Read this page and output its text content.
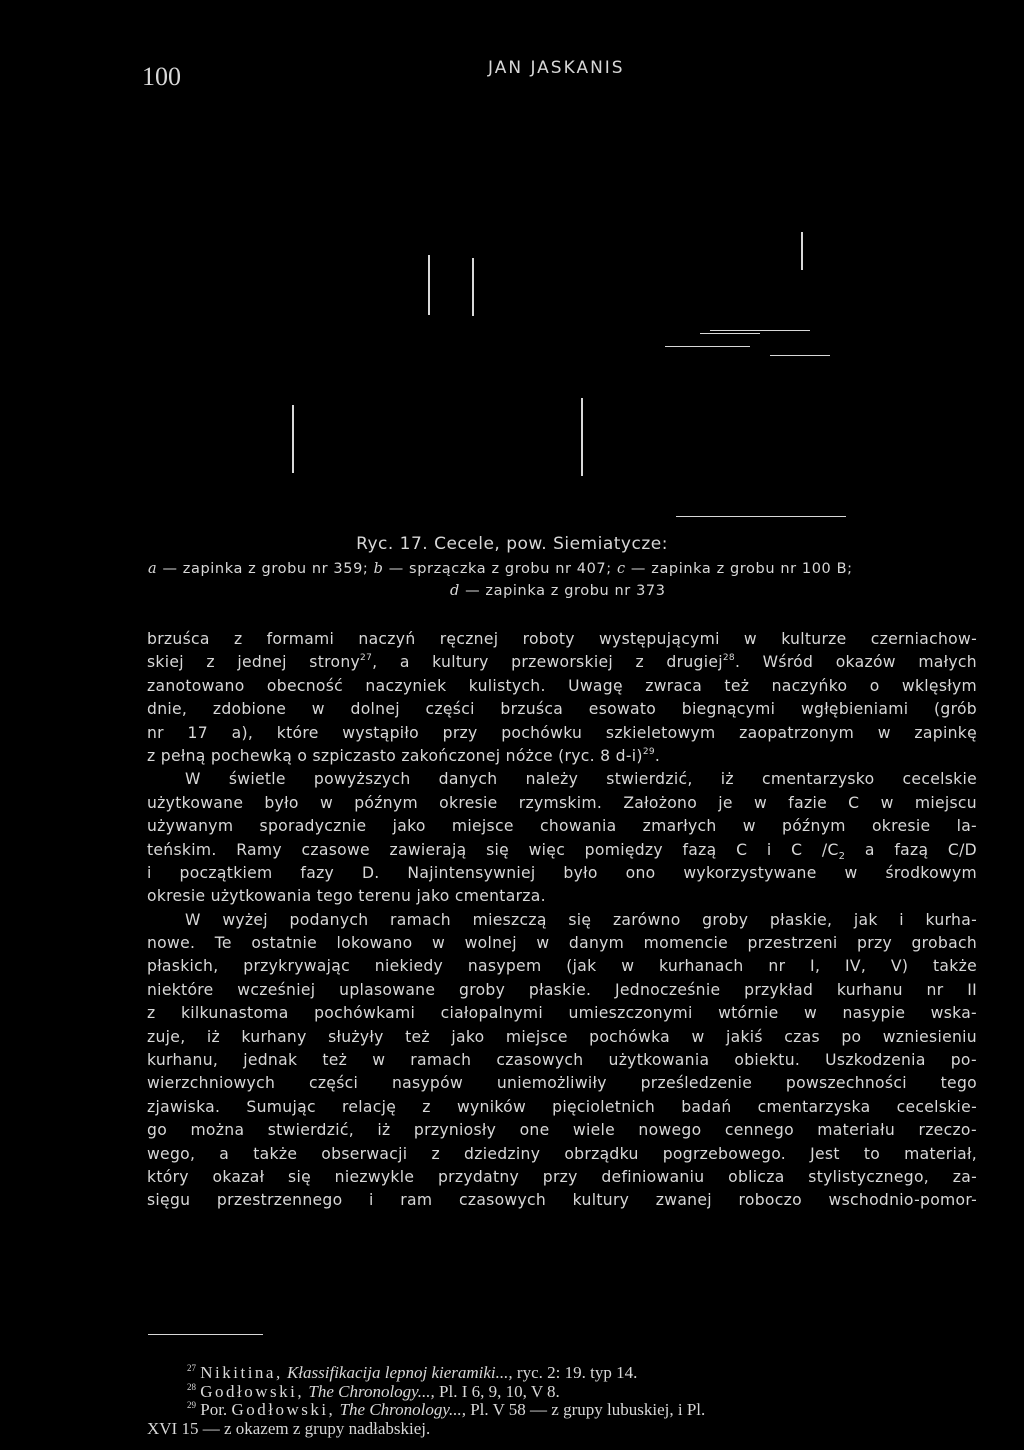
100	JAN JASKANIS
Ryc. 17. Cecele, pow. Siemiatycze:
a — zapinka z grobu nr 359; b — sprzączka z grobu nr 407; c — zapinka z grobu nr 100 B;
d — zapinka z grobu nr 373
brzuśca z formami naczyń ręcznej roboty występującymi w kulturze czerniachow-
skiej z jednej strony$^{27}$, a kultury przeworskiej z drugiej$^{28}$. Wśród okazów małych
zanotowano obecność naczyniek kulistych. Uwagę zwraca też naczyńko o wklęsłym
dnie, zdobione w dolnej części brzuśca esowato biegnącymi wgłębieniami (grób
nr 17 a), które wystąpiło przy pochówku szkieletowym zaopatrzonym w zapinkę
z pełną pochewką o szpiczasto zakończonej nóżce (ryc. 8 d-i)$^{29}$.
W świetle powyższych danych należy stwierdzić, iż cmentarzysko cecelskie
użytkowane było w późnym okresie rzymskim. Założono je w fazie C w miejscu
używanym sporadycznie jako miejsce chowania zmarłych w późnym okresie la-
teńskim. Ramy czasowe zawierają się więc pomiędzy fazą C i C $/C_2$ a fazą C/D
i początkiem fazy D. Najintensywniej było ono wykorzystywane w środkowym
okresie użytkowania tego terenu jako cmentarza.
W wyżej podanych ramach mieszczą się zarówno groby płaskie, jak i kurha-
nowe. Te ostatnie lokowano w wolnej w danym momencie przestrzeni przy grobach
płaskich, przykrywając niekiedy nasypem (jak w kurhanach nr I, IV, V) także
niektóre wcześniej uplasowane groby płaskie. Jednocześnie przykład kurhanu nr II
z kilkunastoma pochówkami ciałopalnymi umieszczonymi wtórnie w nasypie wska-
zuje, iż kurhany służyły też jako miejsce pochówka w jakiś czas po wzniesieniu
kurhanu, jednak też w ramach czasowych użytkowania obiektu. Uszkodzenia po-
wierzchniowych części nasypów uniemożliwiły prześledzenie powszechności tego
zjawiska. Sumując relację z wyników pięcioletnich badań cmentarzyska cecelskie-
go można stwierdzić, iż przyniosły one wiele nowego cennego materiału rzeczo-
wego, a także obserwacji z dziedziny obrządku pogrzebowego. Jest to materiał,
który okazał się niezwykle przydatny przy definiowaniu oblicza stylistycznego, za-
sięgu przestrzennego i ram czasowych kultury zwanej roboczo wschodnio-pomor-
$^{27}$ Nikitina, Kłassifikacija lepnoj kieramiki..., ryc. 2: 19. typ 14.
$^{28}$ Godłowski, The Chronology..., Pl. I 6, 9, 10, V 8.
$^{29}$ Por. Godłowski, The Chronology..., Pl. V 58 — z grupy lubuskiej, i Pl.
XVI 15 — z okazem z grupy nadłabskiej.
